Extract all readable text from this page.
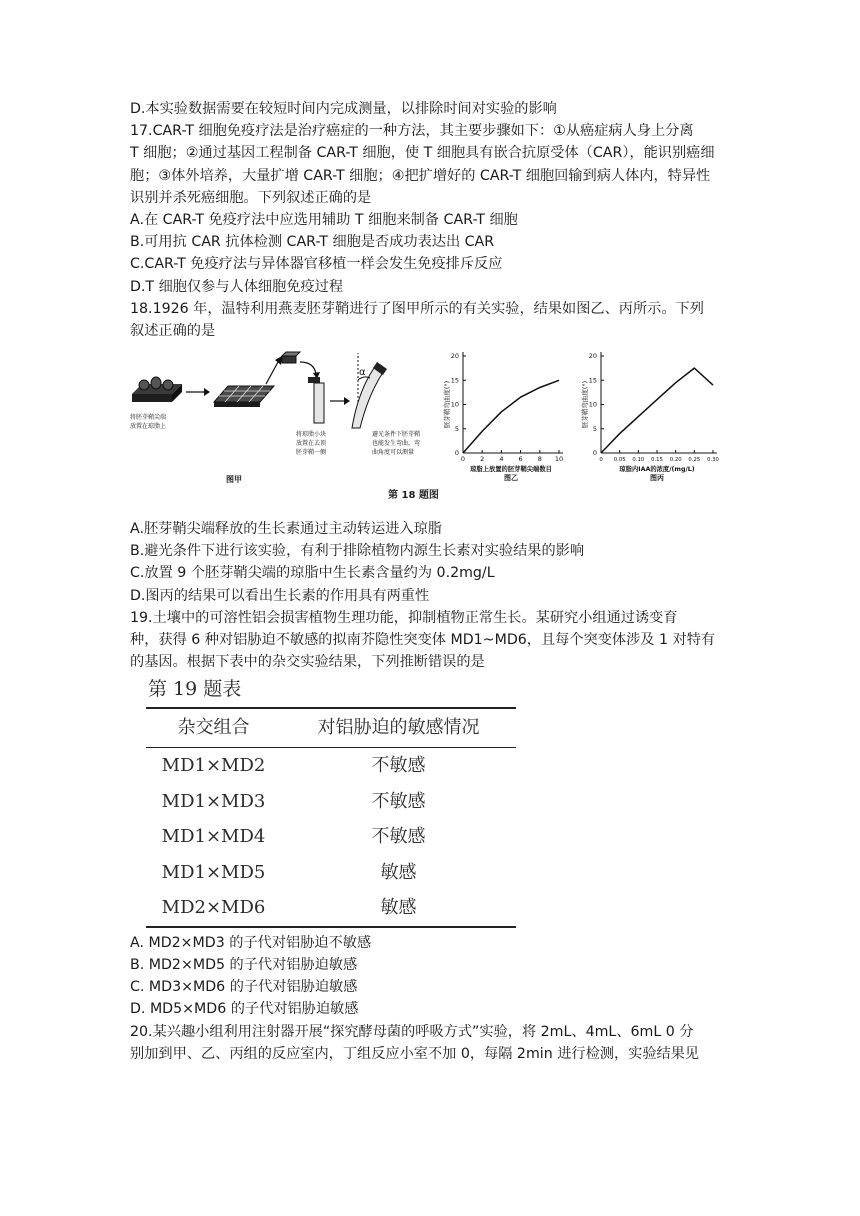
D.本实验数据需要在较短时间内完成测量，以排除时间对实验的影响
17.CAR-T 细胞免疫疗法是治疗癌症的一种方法，其主要步骤如下：①从癌症病人身上分离
T 细胞；②通过基因工程制备 CAR-T 细胞，使 T 细胞具有嵌合抗原受体（CAR），能识别癌细
胞；③体外培养，大量扩增 CAR-T 细胞；④把扩增好的 CAR-T 细胞回输到病人体内，特异性
识别并杀死癌细胞。下列叙述正确的是
A.在 CAR-T 免疫疗法中应选用辅助 T 细胞来制备 CAR-T 细胞
B.可用抗 CAR 抗体检测 CAR-T 细胞是否成功表达出 CAR
C.CAR-T 免疫疗法与异体器官移植一样会发生免疫排斥反应
D.T 细胞仅参与人体细胞免疫过程
18.1926 年，温特利用燕麦胚芽鞘进行了图甲所示的有关实验，结果如图乙、丙所示。下列
叙述正确的是
将胚芽鞘尖端
放置在琼脂上
将琼脂小块
放置在去顶
胚芽鞘一侧
α
避光条件下胚芽鞘
也能发生弯曲，弯
曲角度可以测量
图甲
0
5
10
15
20
0 2 4 6 8 10
胚芽鞘弯曲度(°)
琼脂上放置的胚芽鞘尖端数目
图乙
0
5
10
15
20
0 0.05 0.10 0.15 0.20 0.25 0.30
胚芽鞘弯曲度(°)
琼脂内IAA的浓度/(mg/L)
图丙
第 18 题图
A.胚芽鞘尖端释放的生长素通过主动转运进入琼脂
B.避光条件下进行该实验，有利于排除植物内源生长素对实验结果的影响
C.放置 9 个胚芽鞘尖端的琼脂中生长素含量约为 0.2mg/L
D.图丙的结果可以看出生长素的作用具有两重性
19.土壤中的可溶性铝会损害植物生理功能，抑制植物正常生长。某研究小组通过诱变育
种，获得 6 种对铝胁迫不敏感的拟南芥隐性突变体 MD1~MD6，且每个突变体涉及 1 对特有
的基因。根据下表中的杂交实验结果，下列推断错误的是
第 19 题表
杂交组合	对铝胁迫的敏感情况
MD1×MD2	不敏感
MD1×MD3	不敏感
MD1×MD4	不敏感
MD1×MD5	敏感
MD2×MD6	敏感
A. MD2×MD3 的子代对铝胁迫不敏感
B. MD2×MD5 的子代对铝胁迫敏感
C. MD3×MD6 的子代对铝胁迫敏感
D. MD5×MD6 的子代对铝胁迫敏感
20.某兴趣小组利用注射器开展“探究酵母菌的呼吸方式”实验，将 2mL、4mL、6mL 0 分
别加到甲、乙、丙组的反应室内，丁组反应小室不加 0，每隔 2min 进行检测，实验结果见
